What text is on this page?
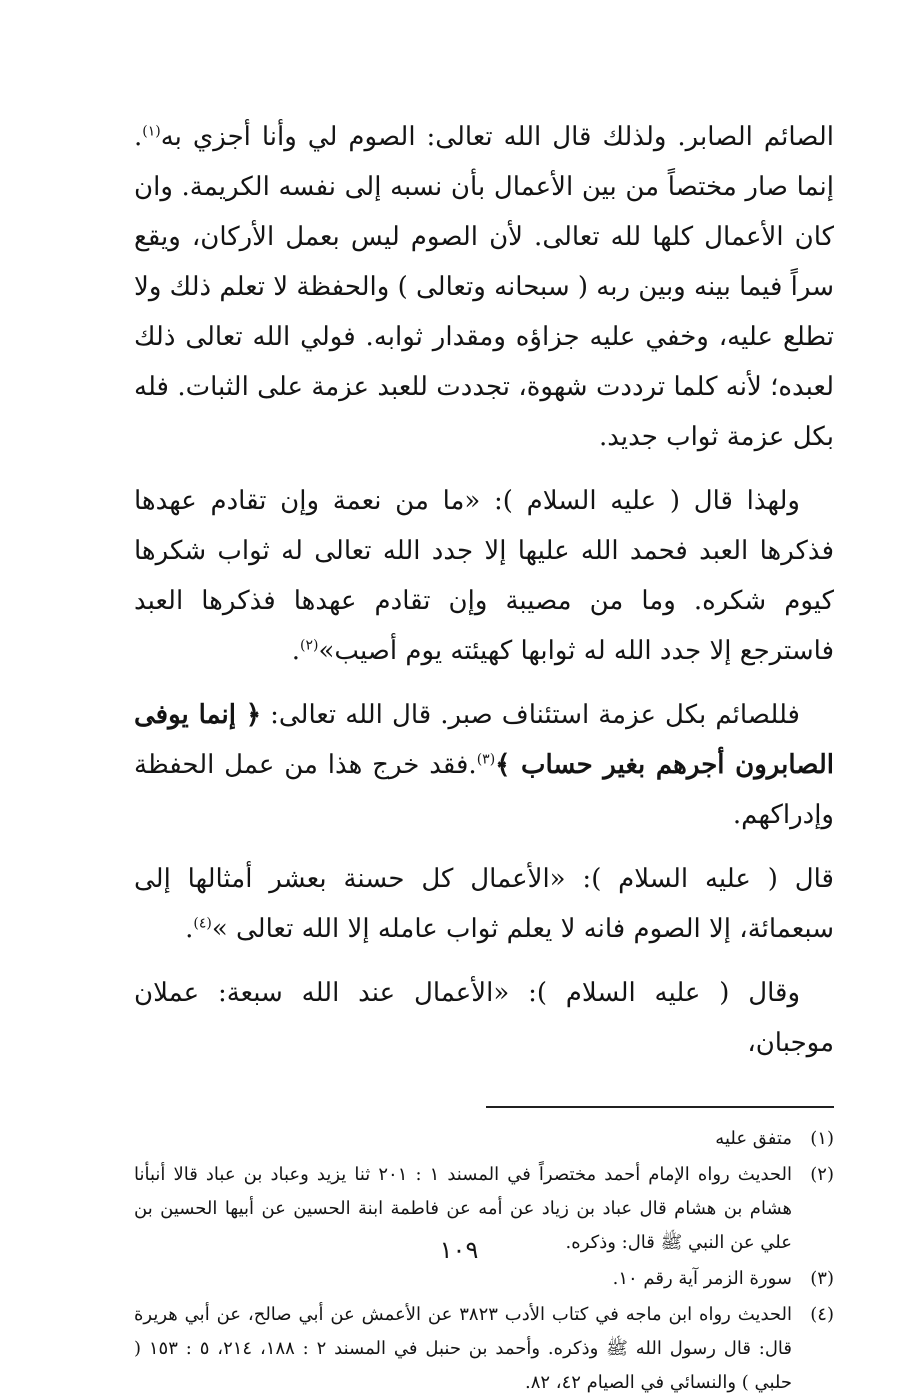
الصائم الصابر. ولذلك قال الله تعالى: الصوم لي وأنا أجزي به$^{(١)}$. إنما صار مختصاً من بين الأعمال بأن نسبه إلى نفسه الكريمة. وان كان الأعمال كلها لله تعالى. لأن الصوم ليس بعمل الأركان، ويقع سراً فيما بينه وبين ربه ( سبحانه وتعالى ) والحفظة لا تعلم ذلك ولا تطلع عليه، وخفي عليه جزاؤه ومقدار ثوابه. فولي الله تعالى ذلك لعبده؛ لأنه كلما ترددت شهوة، تجددت للعبد عزمة على الثبات. فله بكل عزمة ثواب جديد.

ولهذا قال ( عليه السلام ): «ما من نعمة وإن تقادم عهدها فذكرها العبد فحمد الله عليها إلا جدد الله تعالى له ثواب شكرها كيوم شكره. وما من مصيبة وإن تقادم عهدها فذكرها العبد فاسترجع إلا جدد الله له ثوابها كهيئته يوم أصيب»$^{(٢)}$.

فللصائم بكل عزمة استئناف صبر. قال الله تعالى: ﴿ إنما يوفى الصابرون أجرهم بغير حساب ﴾$^{(٣)}$.فقد خرج هذا من عمل الحفظة وإدراكهم.

قال ( عليه السلام ): «الأعمال كل حسنة بعشر أمثالها إلى سبعمائة، إلا الصوم فانه لا يعلم ثواب عامله إلا الله تعالى »$^{(٤)}$.

وقال ( عليه السلام ): «الأعمال عند الله سبعة: عملان موجبان،

(١)
متفق عليه
(٢)
الحديث رواه الإمام أحمد مختصراً في المسند ١ : ٢٠١ ثنا يزيد وعباد بن عباد قالا أنبأنا هشام بن هشام قال عباد بن زياد عن أمه عن فاطمة ابنة الحسين عن أبيها الحسين بن علي عن النبي ﷺ قال: وذكره.
(٣)
سورة الزمر آية رقم ١٠.
(٤)
الحديث رواه ابن ماجه في كتاب الأدب ٣٨٢٣ عن الأعمش عن أبي صالح، عن أبي هريرة قال: قال رسول الله ﷺ وذكره. وأحمد بن حنبل في المسند ٢ : ١٨٨، ٢١٤، ٥ : ١٥٣ ( حلبي ) والنسائي في الصيام ٤٢، ٨٢.
١٠٩
